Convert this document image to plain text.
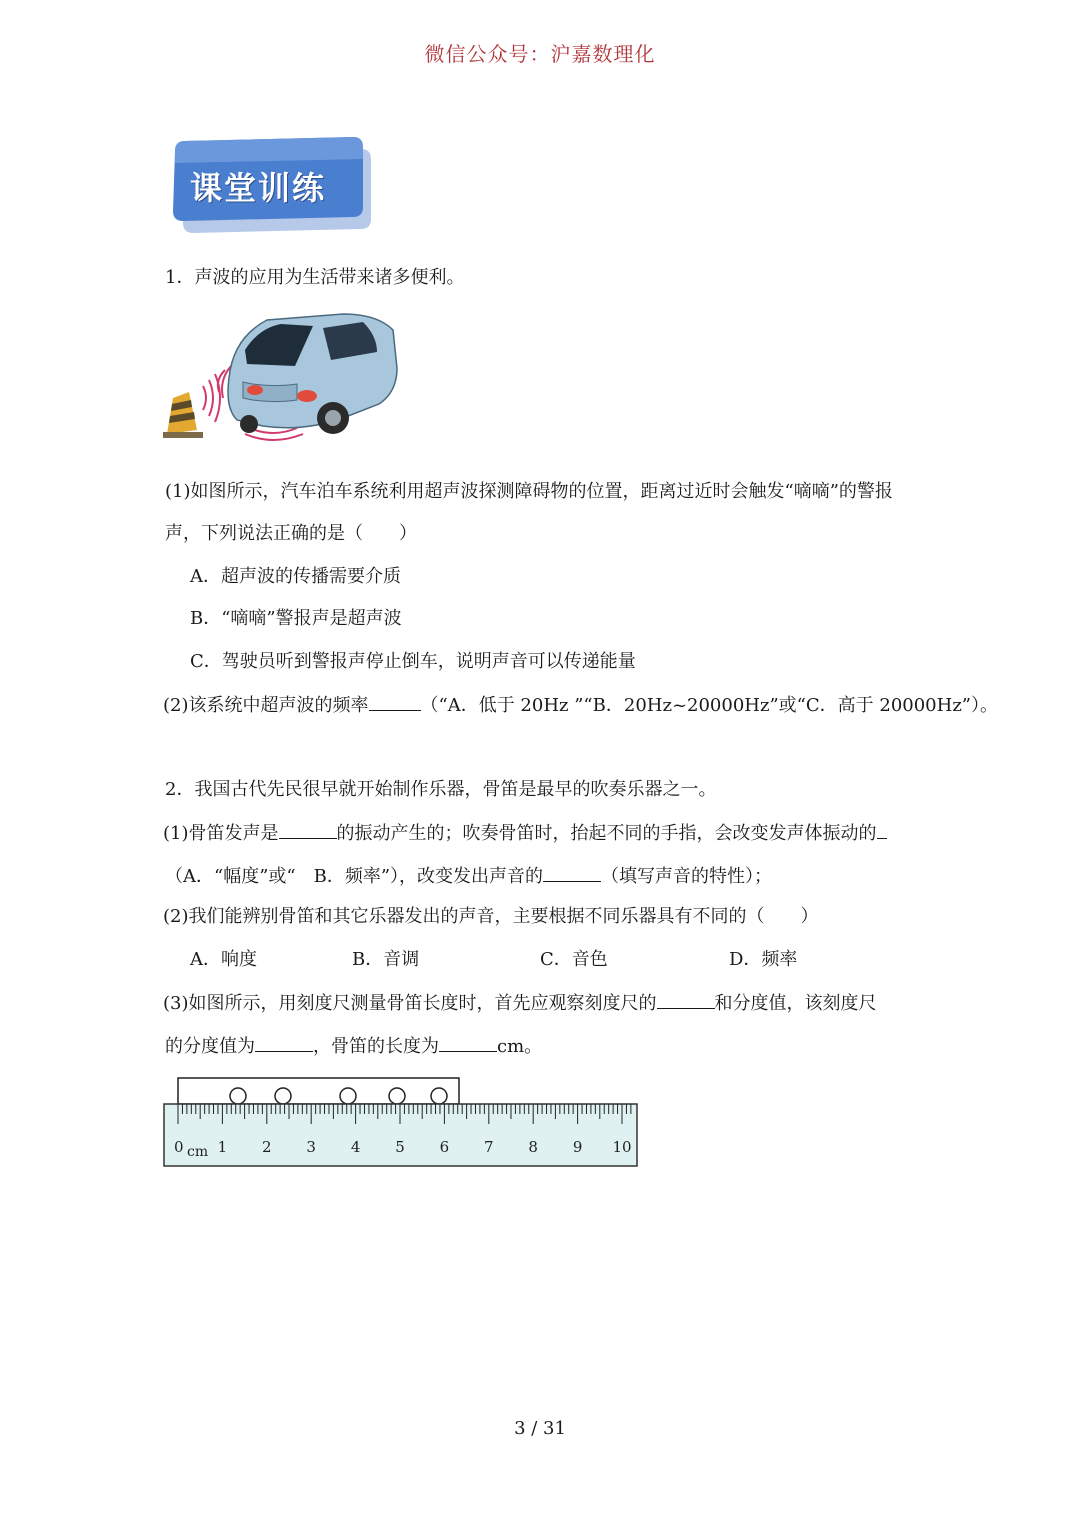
微信公众号：沪嘉数理化
课堂训练
1．声波的应用为生活带来诸多便利。
(1)如图所示，汽车泊车系统利用超声波探测障碍物的位置，距离过近时会触发“嘀嘀”的警报
声，下列说法正确的是（　　）
A．超声波的传播需要介质
B．“嘀嘀”警报声是超声波
C．驾驶员听到警报声停止倒车，说明声音可以传递能量
(2)该系统中超声波的频率	（“A．低于 20Hz ”“B．20Hz~20000Hz”或“C．高于 20000Hz”）。
2．我国古代先民很早就开始制作乐器，骨笛是最早的吹奏乐器之一。
(1)骨笛发声是	的振动产生的；吹奏骨笛时，抬起不同的手指，会改变发声体振动的
（A．“幅度”或“　B．频率”），改变发出声音的	（填写声音的特性）；
(2)我们能辨别骨笛和其它乐器发出的声音，主要根据不同乐器具有不同的（　　）
A．响度	B．音调	C．音色	D．频率
(3)如图所示，用刻度尺测量骨笛长度时，首先应观察刻度尺的	和分度值，该刻度尺
的分度值为	，骨笛的长度为	cm。
0 1 2 3 4 5 6 7 8 9 10
cm
3 / 31
